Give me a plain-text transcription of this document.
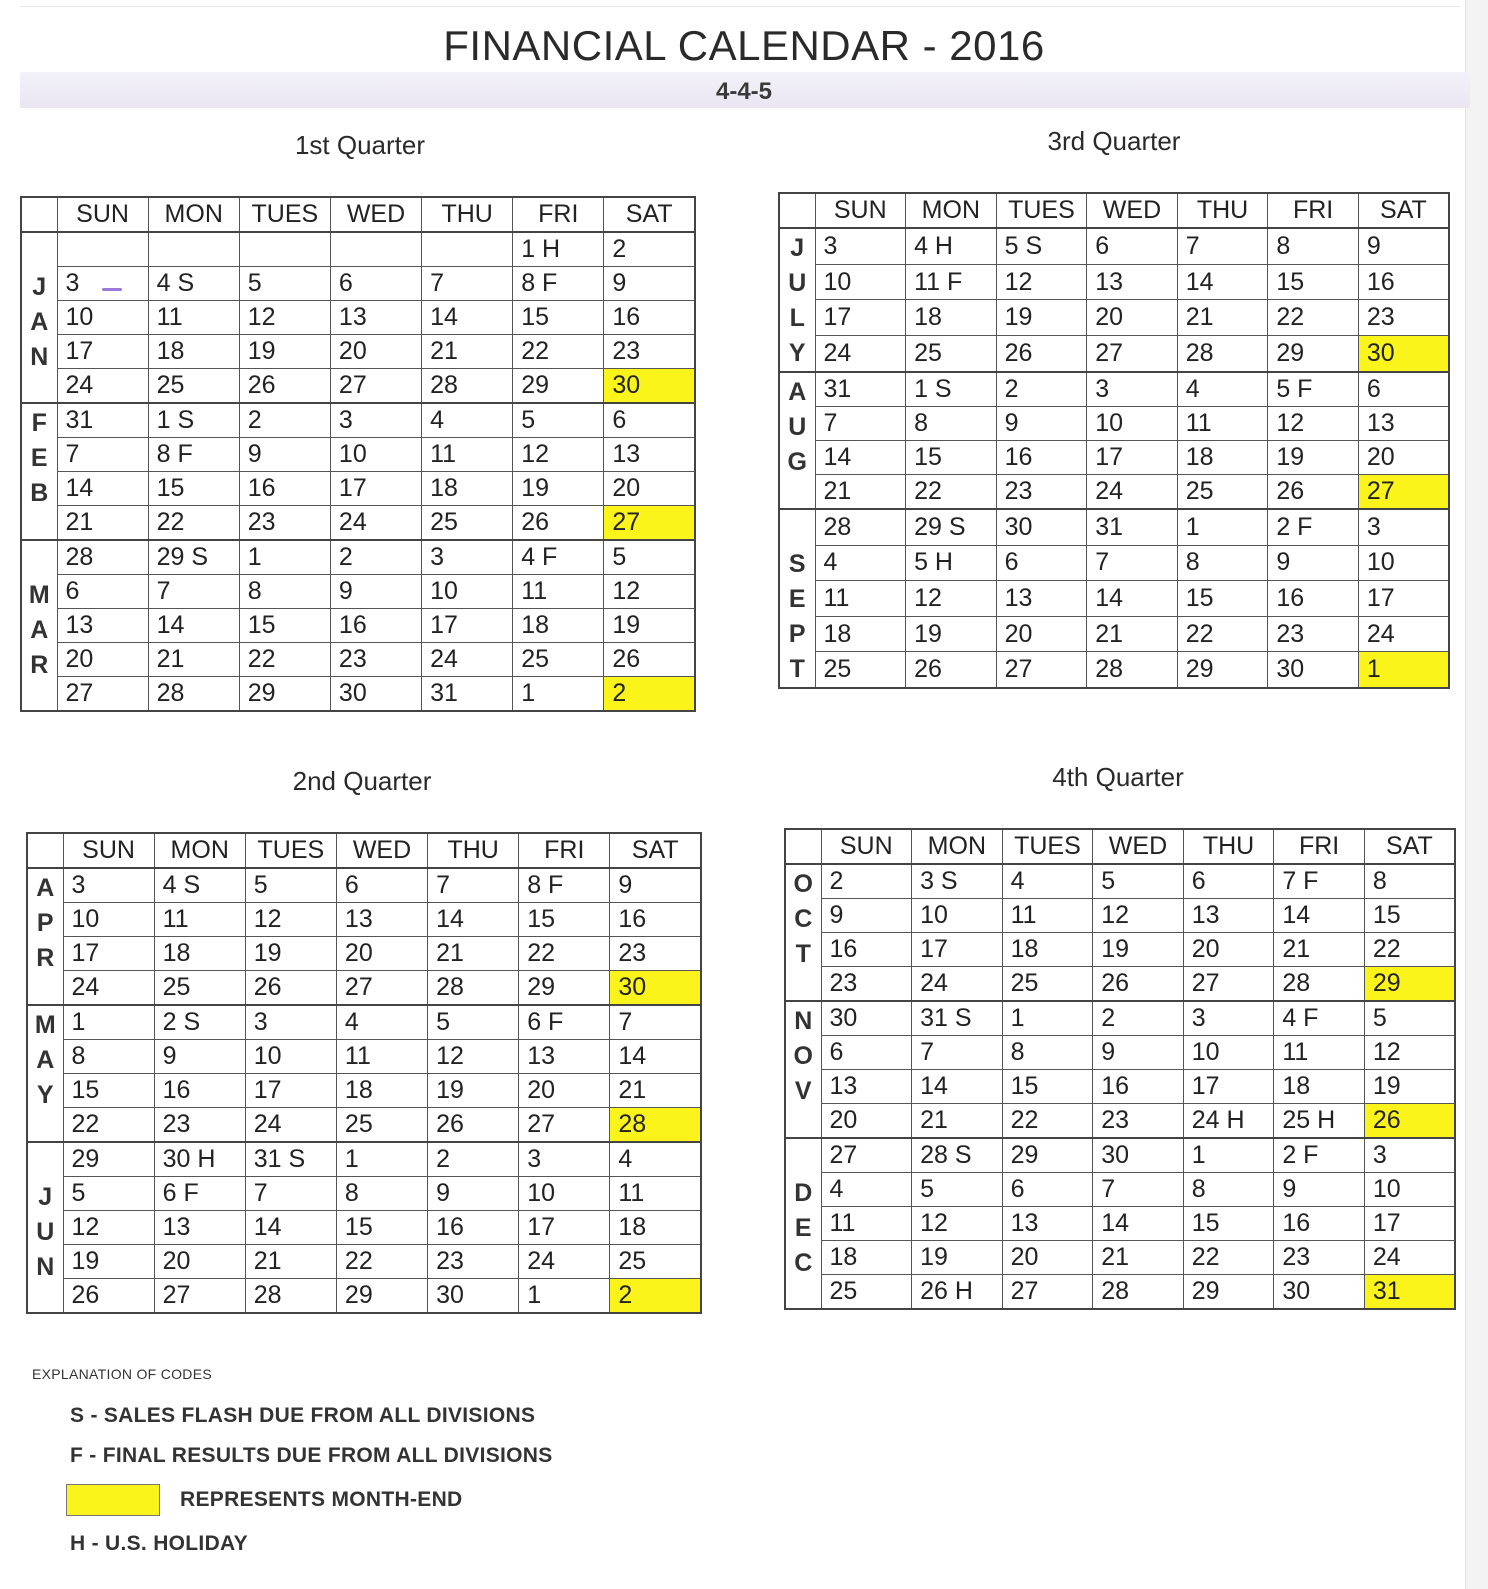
FINANCIAL CALENDAR - 2016
4-4-5
1st Quarter	3rd Quarter
2nd Quarter	4th Quarter
	SUN	MON	TUES	WED	THU	FRI	SAT

J
A
N						1 H	2
	3	4 S	5	6	7	8 F	9
	10	11	12	13	14	15	16
	17	18	19	20	21	22	23
	24	25	26	27	28	29	30

F
E
B	31	1 S	2	3	4	5	6
	7	8 F	9	10	11	12	13
	14	15	16	17	18	19	20
	21	22	23	24	25	26	27

M
A
R	28	29 S	1	2	3	4 F	5
	6	7	8	9	10	11	12
	13	14	15	16	17	18	19
	20	21	22	23	24	25	26
	27	28	29	30	31	1	2
	SUN	MON	TUES	WED	THU	FRI	SAT

J
U
L
Y	3	4 H	5 S	6	7	8	9
	10	11 F	12	13	14	15	16
	17	18	19	20	21	22	23
	24	25	26	27	28	29	30

A
U
G	31	1 S	2	3	4	5 F	6
	7	8	9	10	11	12	13
	14	15	16	17	18	19	20
	21	22	23	24	25	26	27

S
E
P
T	28	29 S	30	31	1	2 F	3
	4	5 H	6	7	8	9	10
	11	12	13	14	15	16	17
	18	19	20	21	22	23	24
	25	26	27	28	29	30	1
	SUN	MON	TUES	WED	THU	FRI	SAT

A
P
R	3	4 S	5	6	7	8 F	9
	10	11	12	13	14	15	16
	17	18	19	20	21	22	23
	24	25	26	27	28	29	30

M
A
Y	1	2 S	3	4	5	6 F	7
	8	9	10	11	12	13	14
	15	16	17	18	19	20	21
	22	23	24	25	26	27	28

J
U
N	29	30 H	31 S	1	2	3	4
	5	6 F	7	8	9	10	11
	12	13	14	15	16	17	18
	19	20	21	22	23	24	25
	26	27	28	29	30	1	2
	SUN	MON	TUES	WED	THU	FRI	SAT

O
C
T	2	3 S	4	5	6	7 F	8
	9	10	11	12	13	14	15
	16	17	18	19	20	21	22
	23	24	25	26	27	28	29

N
O
V	30	31 S	1	2	3	4 F	5
	6	7	8	9	10	11	12
	13	14	15	16	17	18	19
	20	21	22	23	24 H	25 H	26

D
E
C	27	28 S	29	30	1	2 F	3
	4	5	6	7	8	9	10
	11	12	13	14	15	16	17
	18	19	20	21	22	23	24
	25	26 H	27	28	29	30	31
EXPLANATION OF CODES
S - SALES FLASH DUE FROM ALL DIVISIONS
F - FINAL RESULTS DUE FROM ALL DIVISIONS
REPRESENTS MONTH-END
H - U.S. HOLIDAY
